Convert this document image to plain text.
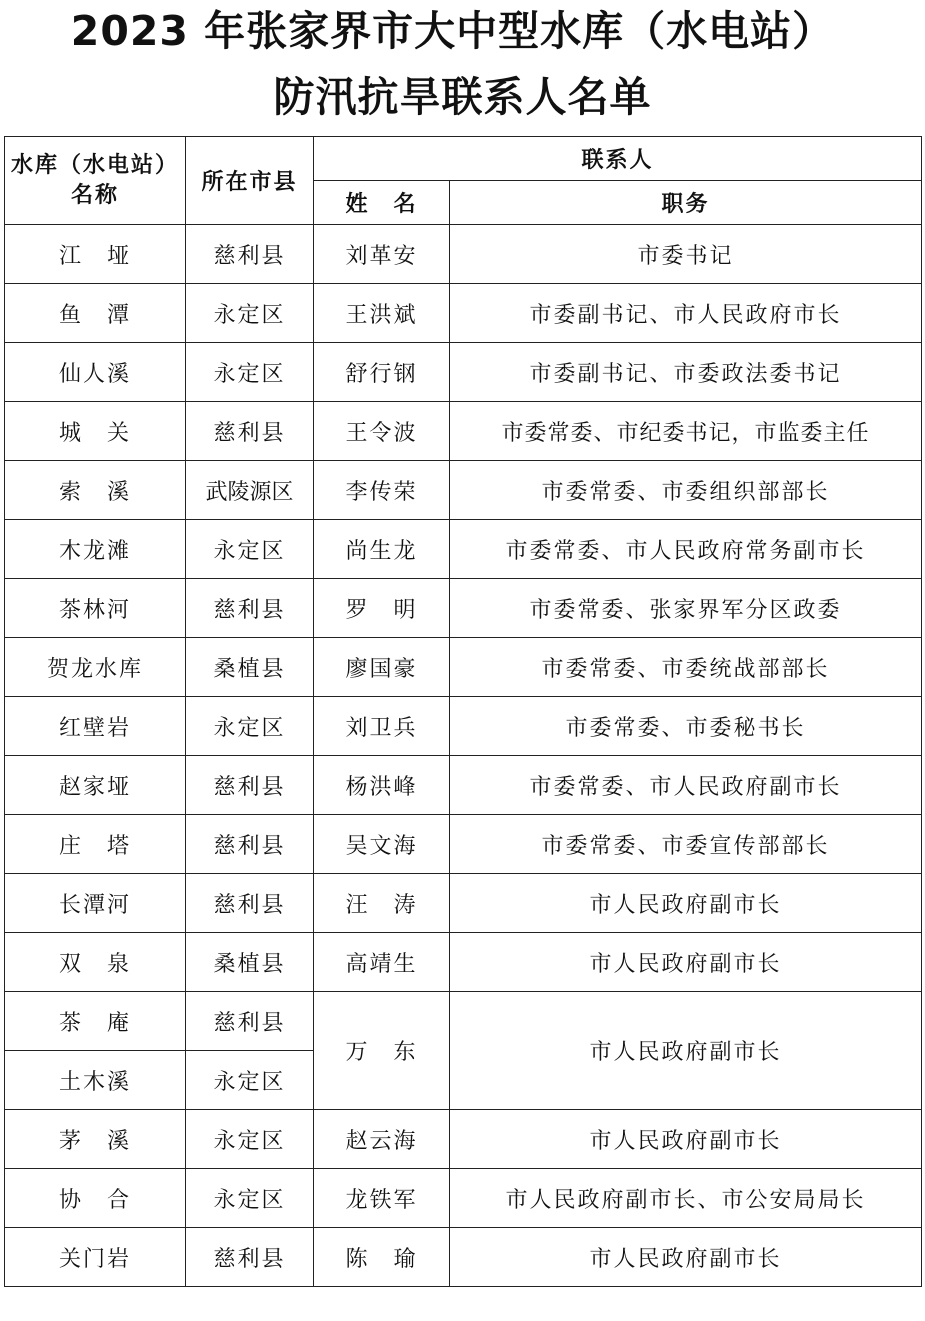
2023 年张家界市大中型水库（水电站）
防汛抗旱联系人名单
水库（水电站）
名称	所在市县	联系人	
		姓　名	职务
江　垭	慈利县	刘革安	市委书记
鱼　潭	永定区	王洪斌	市委副书记、市人民政府市长
仙人溪	永定区	舒行钢	市委副书记、市委政法委书记
城　关	慈利县	王令波	市委常委、市纪委书记，市监委主任
索　溪	武陵源区	李传荣	市委常委、市委组织部部长
木龙滩	永定区	尚生龙	市委常委、市人民政府常务副市长
茶林河	慈利县	罗　明	市委常委、张家界军分区政委
贺龙水库	桑植县	廖国豪	市委常委、市委统战部部长
红壁岩	永定区	刘卫兵	市委常委、市委秘书长
赵家垭	慈利县	杨洪峰	市委常委、市人民政府副市长
庄　塔	慈利县	吴文海	市委常委、市委宣传部部长
长潭河	慈利县	汪　涛	市人民政府副市长
双　泉	桑植县	高靖生	市人民政府副市长
茶　庵	慈利县	万　东	市人民政府副市长
土木溪	永定区		
茅　溪	永定区	赵云海	市人民政府副市长
协　合	永定区	龙铁军	市人民政府副市长、市公安局局长
关门岩	慈利县	陈　瑜	市人民政府副市长
